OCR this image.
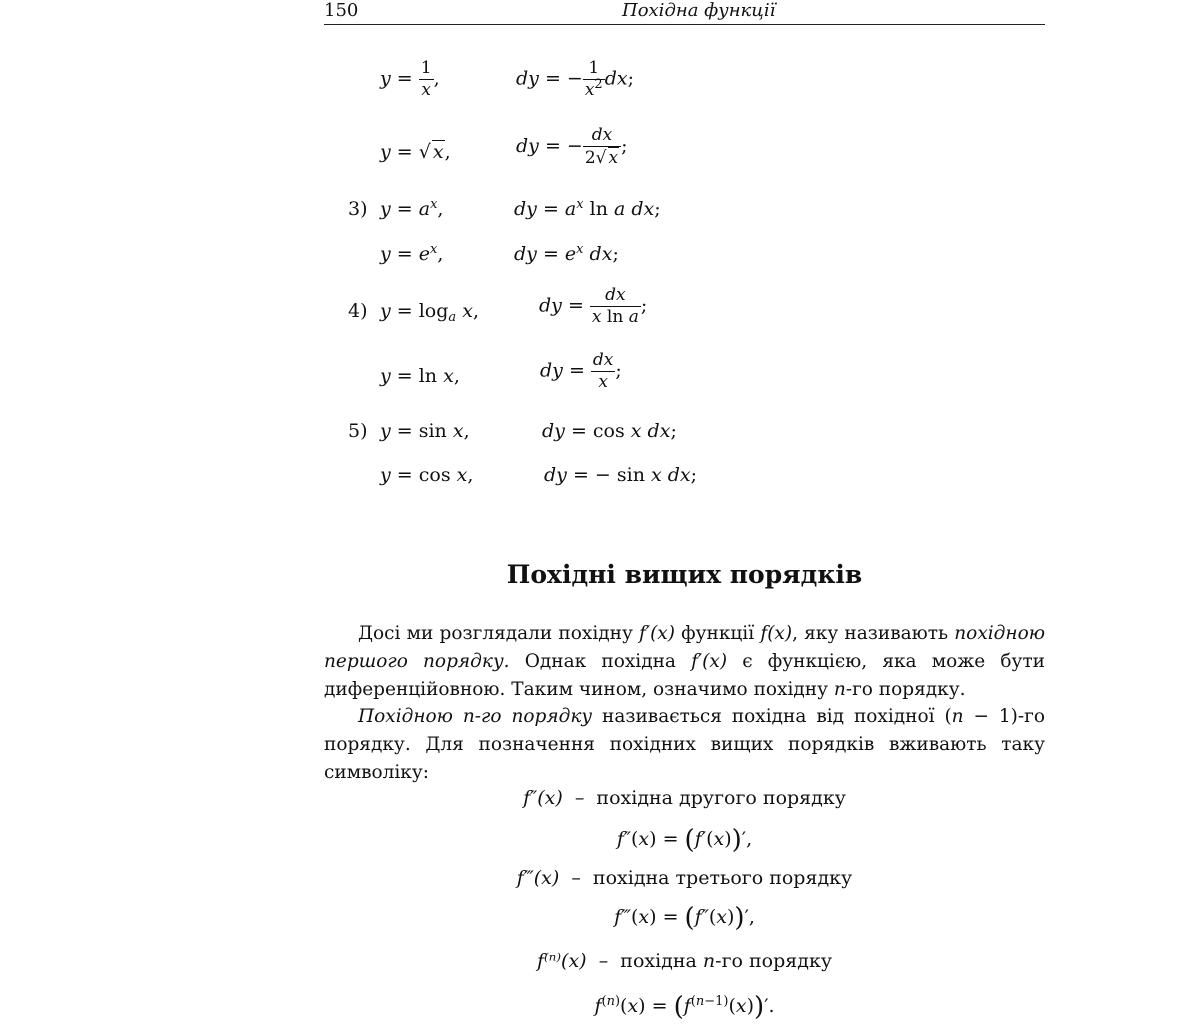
150	Похідна функції
$y = \frac{1}{x}$ ,	dy = − $\frac{1}{x^2}$ dx;
y = √ x,	dy = − $\frac{dx}{2√ x}$ ;
3) $y = a^x$,	dy = $a^x$ ln a dx;
$y = e^x$,	dy = $e^x$ dx;
4) $y = \log_a x$,	dy = $\frac{dx}{\text{x ln a}}$ ;
y = ln x,	dy = $\frac{dx}{x}$ ;
5) y = sin x,	dy = cos x dx;
y = cos x,	dy = − sin x dx;
Похідні вищих порядків
Досі ми розглядали похідну f′(x) функції f(x), яку називають похідною першого порядку. Однак похідна f′(x) є функцією, яка може бути диференційовною. Таким чином, означимо похідну n-го порядку.
Похідною n-го порядку називається похідна від похідної (n − 1)-го порядку. Для позначення похідних вищих порядків вживають таку символіку:
f″(x) – похідна другого порядку
f″(x) = (f′(x))′,
f‴(x) – похідна третього порядку
f‴(x) = (f″(x))′,
f⁽ⁿ⁾(x) – похідна n-го порядку
$f^{(n)}(x) = (f^{(n-1)}(x))'$.
